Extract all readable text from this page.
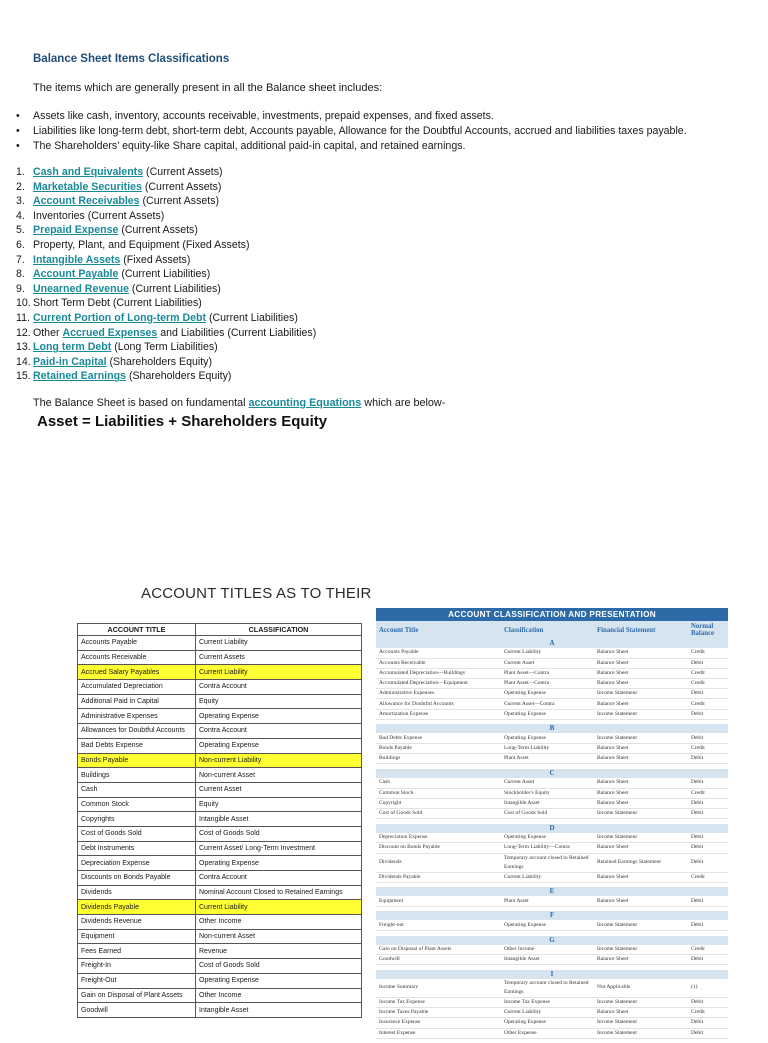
Balance Sheet Items Classifications
The items which are generally present in all the Balance sheet includes:
• Assets like cash, inventory, accounts receivable, investments, prepaid expenses, and fixed assets.
• Liabilities like long-term debt, short-term debt, Accounts payable, Allowance for the Doubtful Accounts, accrued and liabilities taxes payable.
• The Shareholders’ equity-like Share capital, additional paid-in capital, and retained earnings.
1. Cash and Equivalents (Current Assets)
2. Marketable Securities (Current Assets)
3. Account Receivables (Current Assets)
4. Inventories (Current Assets)
5. Prepaid Expense (Current Assets)
6. Property, Plant, and Equipment (Fixed Assets)
7. Intangible Assets (Fixed Assets)
8. Account Payable (Current Liabilities)
9. Unearned Revenue (Current Liabilities)
10. Short Term Debt (Current Liabilities)
11. Current Portion of Long-term Debt (Current Liabilities)
12. Other Accrued Expenses and Liabilities (Current Liabilities)
13. Long term Debt (Long Term Liabilities)
14. Paid-in Capital (Shareholders Equity)
15. Retained Earnings (Shareholders Equity)
The Balance Sheet is based on fundamental accounting Equations which are below-
Asset = Liabilities + Shareholders Equity
ACCOUNT TITLES AS TO THEIR
ACCOUNT TITLE	CLASSIFICATION
Accounts Payable	Current Liability
Accounts Receivable	Current Assets
Accrued Salary Payables	Current Liability
Accumulated Depreciation	Contra Account
Additional Paid in Capital	Equity
Administrative Expenses	Operating Expense
Allowances for Doubtful Accounts	Contra Account
Bad Debts Expense	Operating Expense
Bonds Payable	Non-current Liability
Buildings	Non-current Asset
Cash	Current Asset
Common Stock	Equity
Copyrights	Intangible Asset
Cost of Goods Sold	Cost of Goods Sold
Debt Instruments	Current Asset/ Long-Term Investment
Depreciation Expense	Operating Expense
Discounts on Bonds Payable	Contra Account
Dividends	Nominal Account Closed to Retained Earnings
Dividends Payable	Current Liability
Dividends Revenue	Other Income
Equipment	Non-current Asset
Fees Earned	Revenue
Freight-In	Cost of Goods Sold
Freight-Out	Operating Expense
Gain on Disposal of Plant Assets	Other Income
Goodwill	Intangible Asset
ACCOUNT CLASSIFICATION AND PRESENTATION			
Account Title	Classification	Financial Statement	Normal Balance
A			
Accounts Payable	Current Liability	Balance Sheet	Credit
Accounts Receivable	Current Asset	Balance Sheet	Debit
Accumulated Depreciation—Buildings	Plant Asset—Contra	Balance Sheet	Credit
Accumulated Depreciation—Equipment	Plant Asset—Contra	Balance Sheet	Credit
Administrative Expenses	Operating Expense	Income Statement	Debit
Allowance for Doubtful Accounts	Current Asset—Contra	Balance Sheet	Credit
Amortization Expense	Operating Expense	Income Statement	Debit

B			
Bad Debts Expense	Operating Expense	Income Statement	Debit
Bonds Payable	Long-Term Liability	Balance Sheet	Credit
Buildings	Plant Asset	Balance Sheet	Debit

C			
Cash	Current Asset	Balance Sheet	Debit
Common Stock	Stockholder's Equity	Balance Sheet	Credit
Copyright	Intangible Asset	Balance Sheet	Debit
Cost of Goods Sold	Cost of Goods Sold	Income Statement	Debit

D			
Depreciation Expense	Operating Expense	Income Statement	Debit
Discount on Bonds Payable	Long-Term Liability—Contra	Balance Sheet	Debit
Dividends	Temporary account closed to Retained Earnings	Retained Earnings Statement	Debit
Dividends Payable	Current Liability	Balance Sheet	Credit

E			
Equipment	Plant Asset	Balance Sheet	Debit

F			
Freight-out	Operating Expense	Income Statement	Debit

G			
Gain on Disposal of Plant Assets	Other Income	Income Statement	Credit
Goodwill	Intangible Asset	Balance Sheet	Debit

I			
Income Summary	Temporary account closed to Retained Earnings	Not Applicable	(1)
Income Tax Expense	Income Tax Expense	Income Statement	Debit
Income Taxes Payable	Current Liability	Balance Sheet	Credit
Insurance Expense	Operating Expense	Income Statement	Debit
Interest Expense	Other Expense	Income Statement	Debit
